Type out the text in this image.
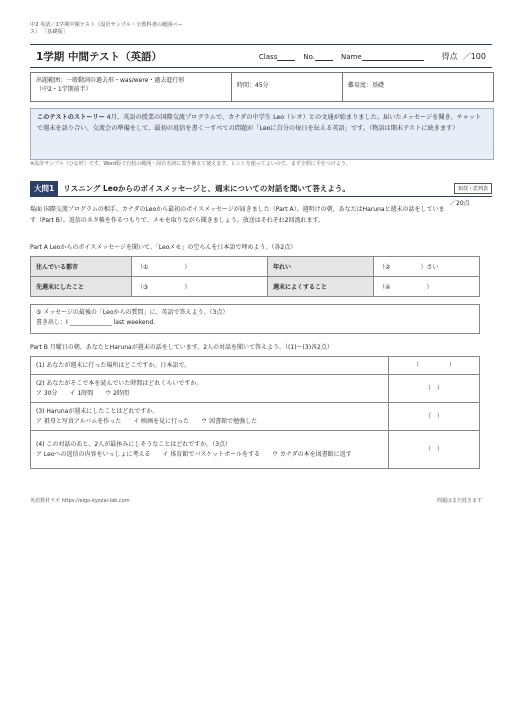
中2 英語／1学期中間テスト（設計サンプル・全教科書の範囲ベー
ス） ［基礎版］
1学期 中間テスト（英語）	Class	No.	Name	得点 ／100
出題範囲：一般動詞の過去形・was/were・過去進行形
（中2・1学期前半）
時間：45分	難易度：基礎
このテストのストーリー 4月、英語の授業の国際交流プログラムで、カナダの中学生 Leo（レオ）との文通が始まりました。届いたメッセージを聞き、チャットで週末を語り合い、交流会の準備をして、最初の返信を書く一すべての問題が「Leoに自分の毎日を伝える英語」です。（物語は期末テストに続きます）
※設計サンプル（ひな形）です。Word版で自校の範囲・固有名詞に置き換えて使えます。ヒントを使ってよいので、まず全問に手をつけよう。
大問1	リスニング Leoからのボイスメッセージと、週末についての対話を聞いて答えよう。	知技・思判表
／20点
場面 国際交流プログラムの相手、カナダのLeoから最初のボイスメッセージが届きました（Part A）。週明けの朝、あなたはHarunaと週末の話をしています（Part B）。返信のネタ帳を作るつもりで、メモを取りながら聞きましょう。放送はそれぞれ2回流れます。
Part A Leoからのボイスメッセージを聞いて、「Leoメモ」の空らんを日本語で埋めよう。（各2点）
住んでいる都市	（①　　　　　　）	年れい	（②　　　　　）さい
先週末にしたこと	（③　　　　　　）	週末によくすること	（④　　　　　　）
⑤ メッセージの最後の「Leoからの質問」に、英語で答えよう。（3点）
書き出し：I ______________ last weekend.
Part B 月曜日の朝、あなたとHarunaが週末の話をしています。2人の対話を聞いて答えよう。（(1)～(3)各2点）
(1) あなたが週末に行った場所はどこですか。日本語で。	（　　　　　）

(2) あなたがそこで本を読んでいた時間はどれくらいですか。
ア 30分　　イ 1時間　　ウ 2時間	（　）

(3) Harunaが週末にしたことはどれですか。
ア 祖母と写真アルバムを作った　　イ 映画を見に行った　　ウ 図書館で勉強した	（　）

(4) この対話のあと、2人が最休みにしそうなことはどれですか。（3点）
ア Leoへの返信の内容をいっしょに考える　　イ 体育館でバスケットボールをする　　ウ カナダの本を図書館に返す	（　）
英語教材ラボ https://eigo-kyozai-lab.com	問題はまだ続きます
